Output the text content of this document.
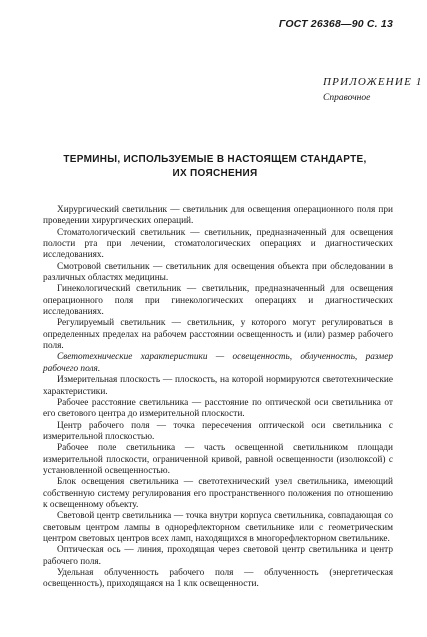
ГОСТ 26368—90 С. 13
ПРИЛОЖЕНИЕ 1
Справочное
ТЕРМИНЫ, ИСПОЛЬЗУЕМЫЕ В НАСТОЯЩЕМ СТАНДАРТЕ,
ИХ ПОЯСНЕНИЯ

Хирургический светильник — светильник для освещения операционного поля при проведении хирургических операций.

Стоматологический светильник — светильник, предназначенный для освещения полости рта при лечении, стоматологических операциях и диагностических исследованиях.

Смотровой светильник — светильник для освещения объекта при обследовании в различных областях медицины.

Гинекологический светильник — светильник, предназначенный для освещения операционного поля при гинекологических операциях и диагностических исследованиях.

Регулируемый светильник — светильник, у которого могут регулироваться в определенных пределах на рабочем расстоянии освещенность и (или) размер рабочего поля.

Светотехнические характеристики — освещенность, облученность, размер рабочего поля.

Измерительная плоскость — плоскость, на которой нормируются светотехнические характеристики.

Рабочее расстояние светильника — расстояние по оптической оси светильника от его светового центра до измерительной плоскости.

Центр рабочего поля — точка пересечения оптической оси светильника с измерительной плоскостью.

Рабочее поле светильника — часть освещенной светильником площади измерительной плоскости, ограниченной кривой, равной освещенности (изолюксой) с установленной освещенностью.

Блок освещения светильника — светотехнический узел светильника, имеющий собственную систему регулирования его пространственного положения по отношению к освещенному объекту.

Световой центр светильника — точка внутри корпуса светильника, совпадающая со световым центром лампы в однорефлекторном светильнике или с геометрическим центром световых центров всех ламп, находящихся в многорефлекторном светильнике.

Оптическая ось — линия, проходящая через световой центр светильника и центр рабочего поля.

Удельная облученность рабочего поля — облученность (энергетическая освещенность), приходящаяся на 1 клк освещенности.
